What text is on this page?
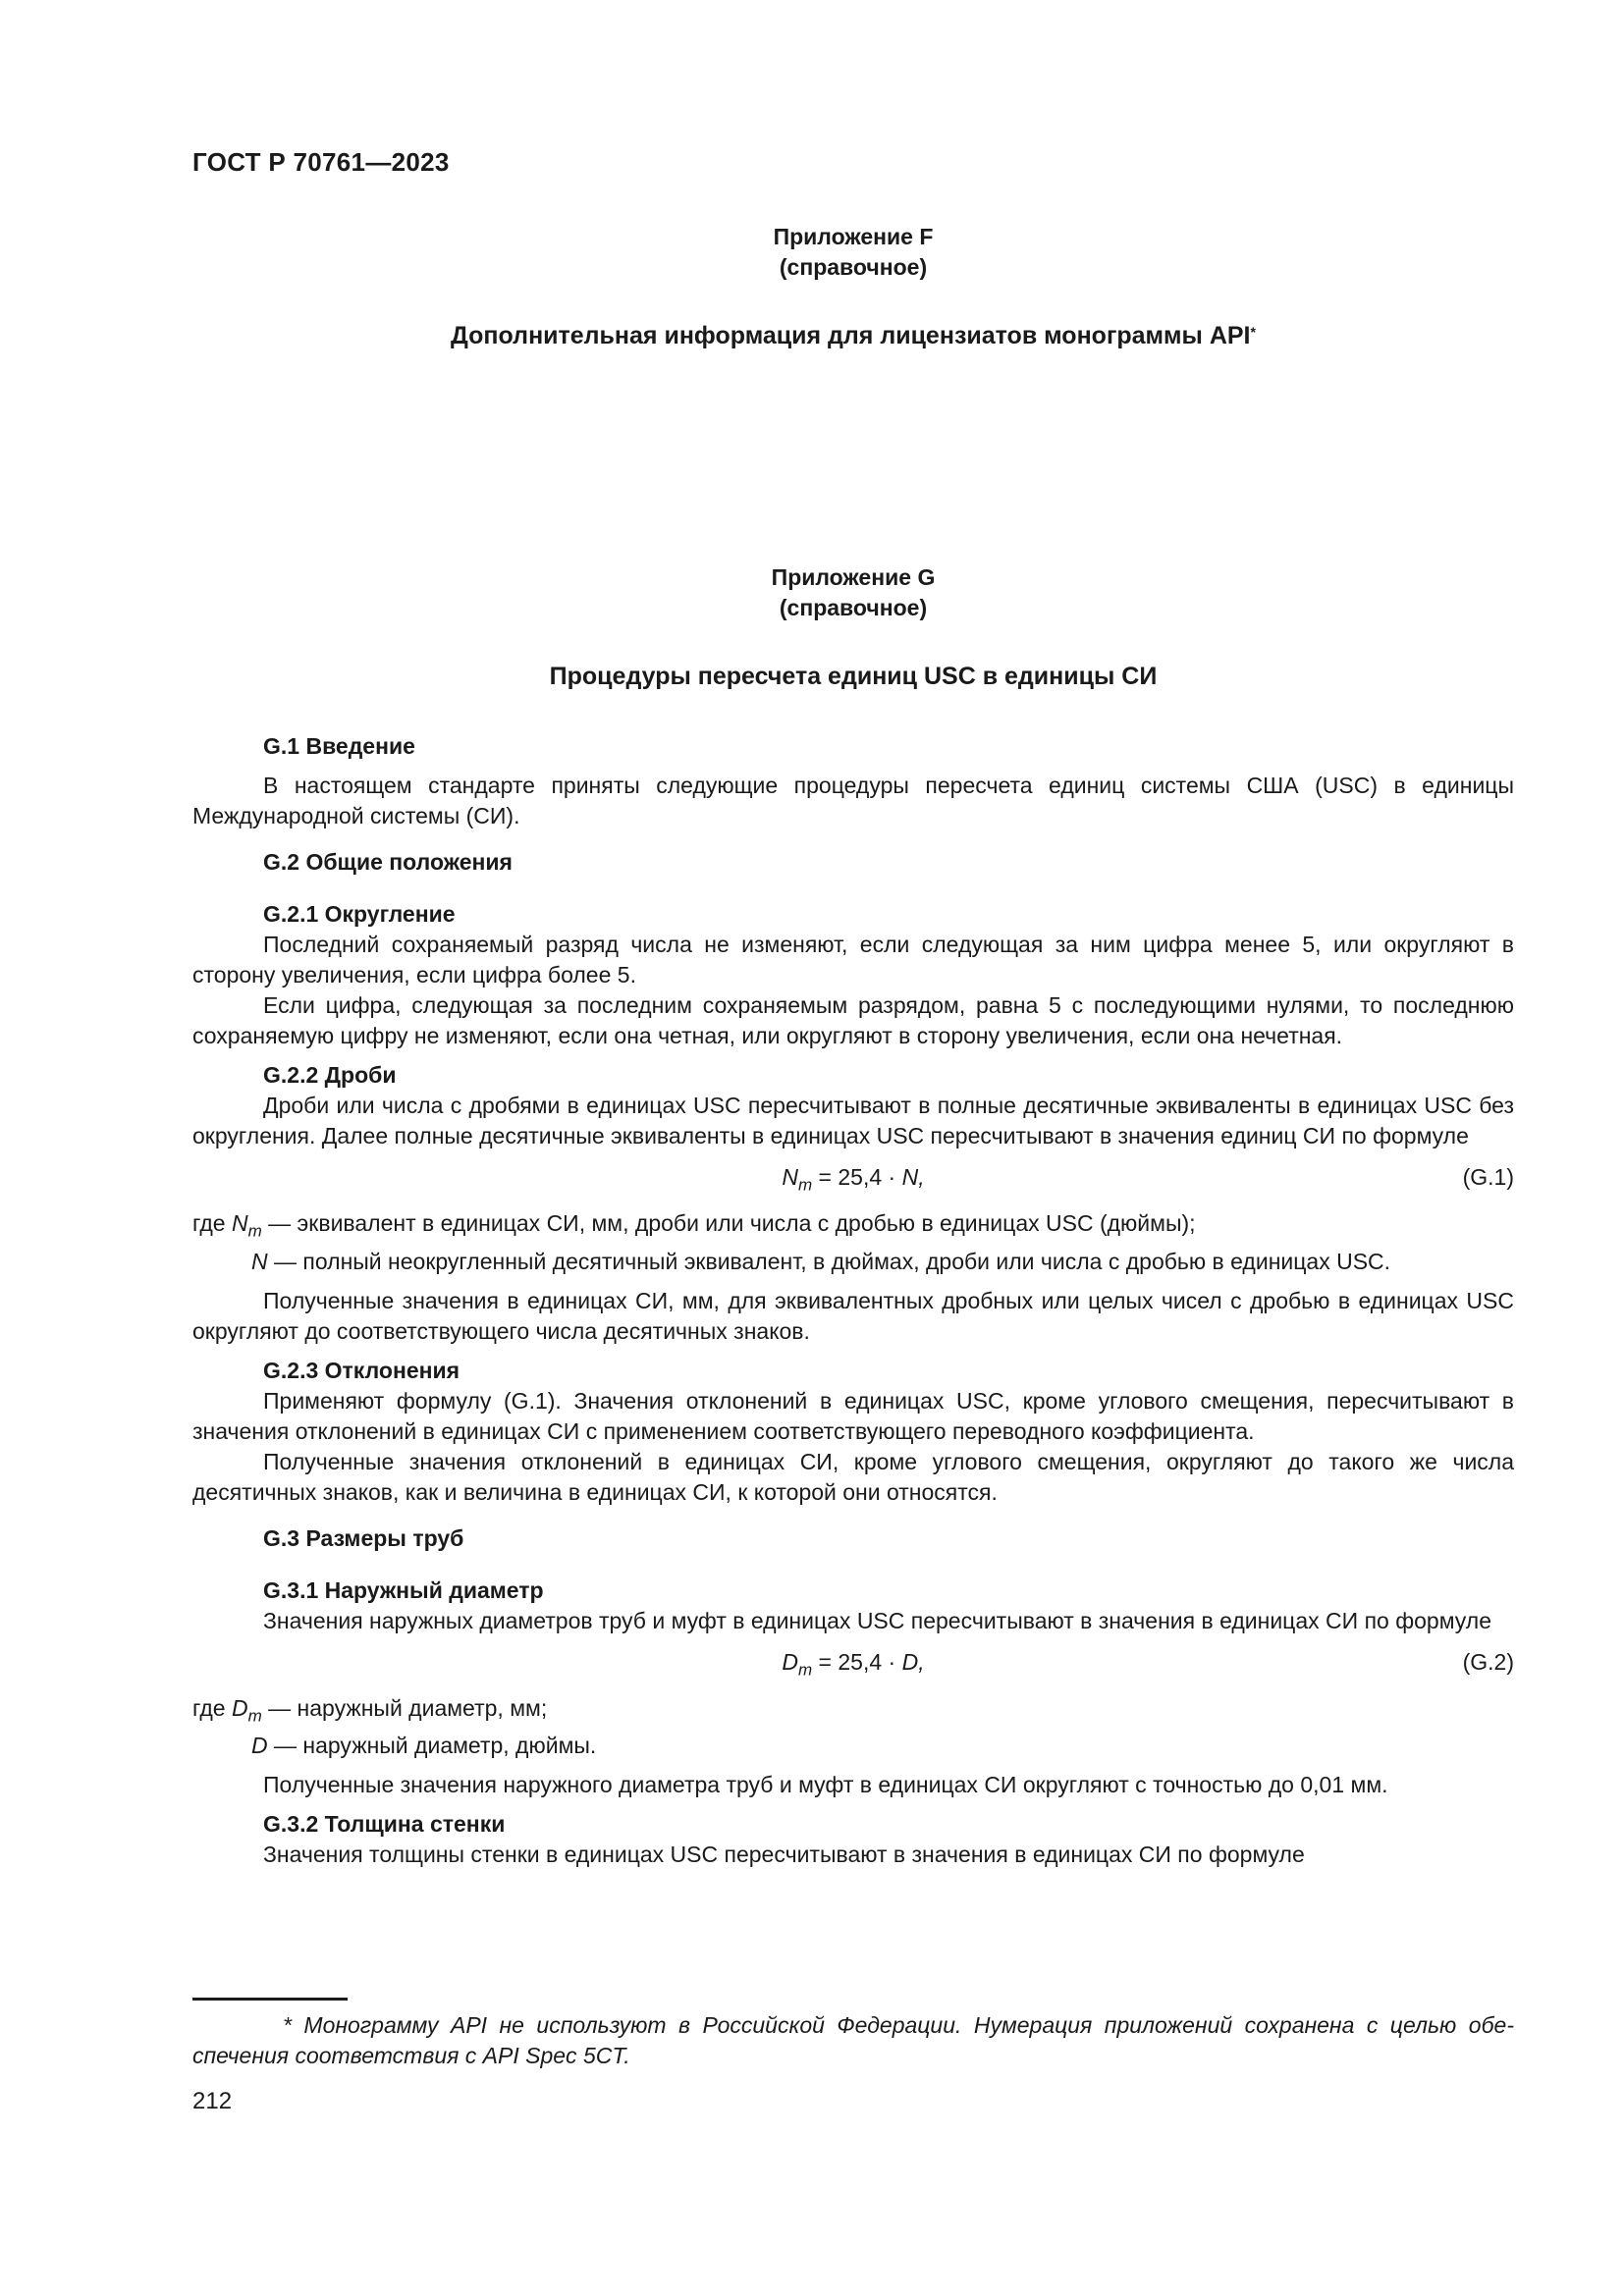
ГОСТ Р 70761—2023
Приложение F
(справочное)
Дополнительная информация для лицензиатов монограммы API*
Приложение G
(справочное)
Процедуры пересчета единиц USC в единицы СИ

G.1 Введение

В настоящем стандарте приняты следующие процедуры пересчета единиц системы США (USC) в единицы Международной системы (СИ).

G.2 Общие положения

G.2.1 Округление

Последний сохраняемый разряд числа не изменяют, если следующая за ним цифра менее 5, или округляют в сторону увеличения, если цифра более 5.

Если цифра, следующая за последним сохраняемым разрядом, равна 5 с последующими нулями, то последнюю сохраняемую цифру не изменяют, если она четная, или округляют в сторону увеличения, если она нечетная.

G.2.2 Дроби

Дроби или числа с дробями в единицах USC пересчитывают в полные десятичные эквиваленты в единицах USC без округления. Далее полные десятичные эквиваленты в единицах USC пересчитывают в значения единиц СИ по формуле

$N_m = 25,4 \cdot N$,	(G.1)

где $N_m$ — эквивалент в единицах СИ, мм, дроби или числа с дробью в единицах USC (дюймы);

N — полный неокругленный десятичный эквивалент, в дюймах, дроби или числа с дробью в единицах USC.

Полученные значения в единицах СИ, мм, для эквивалентных дробных или целых чисел с дробью в единицах USC округляют до соответствующего числа десятичных знаков.

G.2.3 Отклонения

Применяют формулу (G.1). Значения отклонений в единицах USC, кроме углового смещения, пересчитывают в значения отклонений в единицах СИ с применением соответствующего переводного коэффициента.

Полученные значения отклонений в единицах СИ, кроме углового смещения, округляют до такого же числа десятичных знаков, как и величина в единицах СИ, к которой они относятся.

G.3 Размеры труб

G.3.1 Наружный диаметр

Значения наружных диаметров труб и муфт в единицах USC пересчитывают в значения в единицах СИ по формуле

$D_m = 25,4 \cdot D$,	(G.2)

где $D_m$ — наружный диаметр, мм;

D — наружный диаметр, дюймы.

Полученные значения наружного диаметра труб и муфт в единицах СИ округляют с точностью до 0,01 мм.

G.3.2 Толщина стенки

Значения толщины стенки в единицах USC пересчитывают в значения в единицах СИ по формуле

* Монограмму API не используют в Российской Федерации. Нумерация приложений сохранена с целью обеспечения соответствия с API Spec 5CT.

212
